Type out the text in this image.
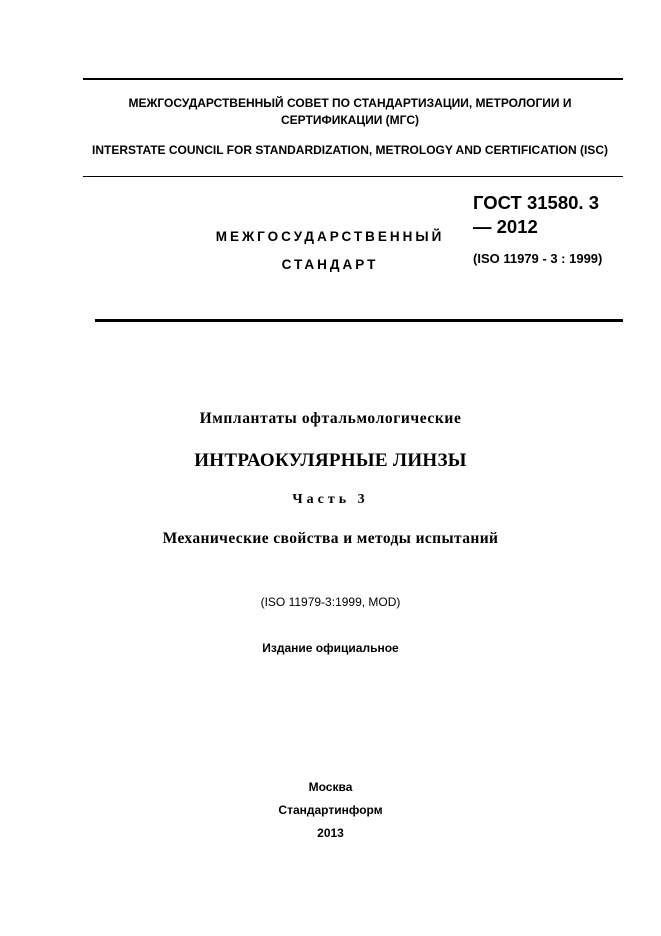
МЕЖГОСУДАРСТВЕННЫЙ СОВЕТ ПО СТАНДАРТИЗАЦИИ, МЕТРОЛОГИИ И СЕРТИФИКАЦИИ (МГС)
INTERSTATE COUNCIL FOR STANDARDIZATION, METROLOGY AND CERTIFICATION (ISC)
МЕЖГОСУДАРСТВЕННЫЙ
СТАНДАРТ
ГОСТ 31580. 3
— 2012
(ISO 11979 - 3 : 1999)
Имплантаты офтальмологические
ИНТРАОКУЛЯРНЫЕ ЛИНЗЫ
Часть 3
Механические свойства и методы испытаний
(ISO 11979-3:1999, MOD)
Издание официальное
Москва
Стандартинформ
2013
